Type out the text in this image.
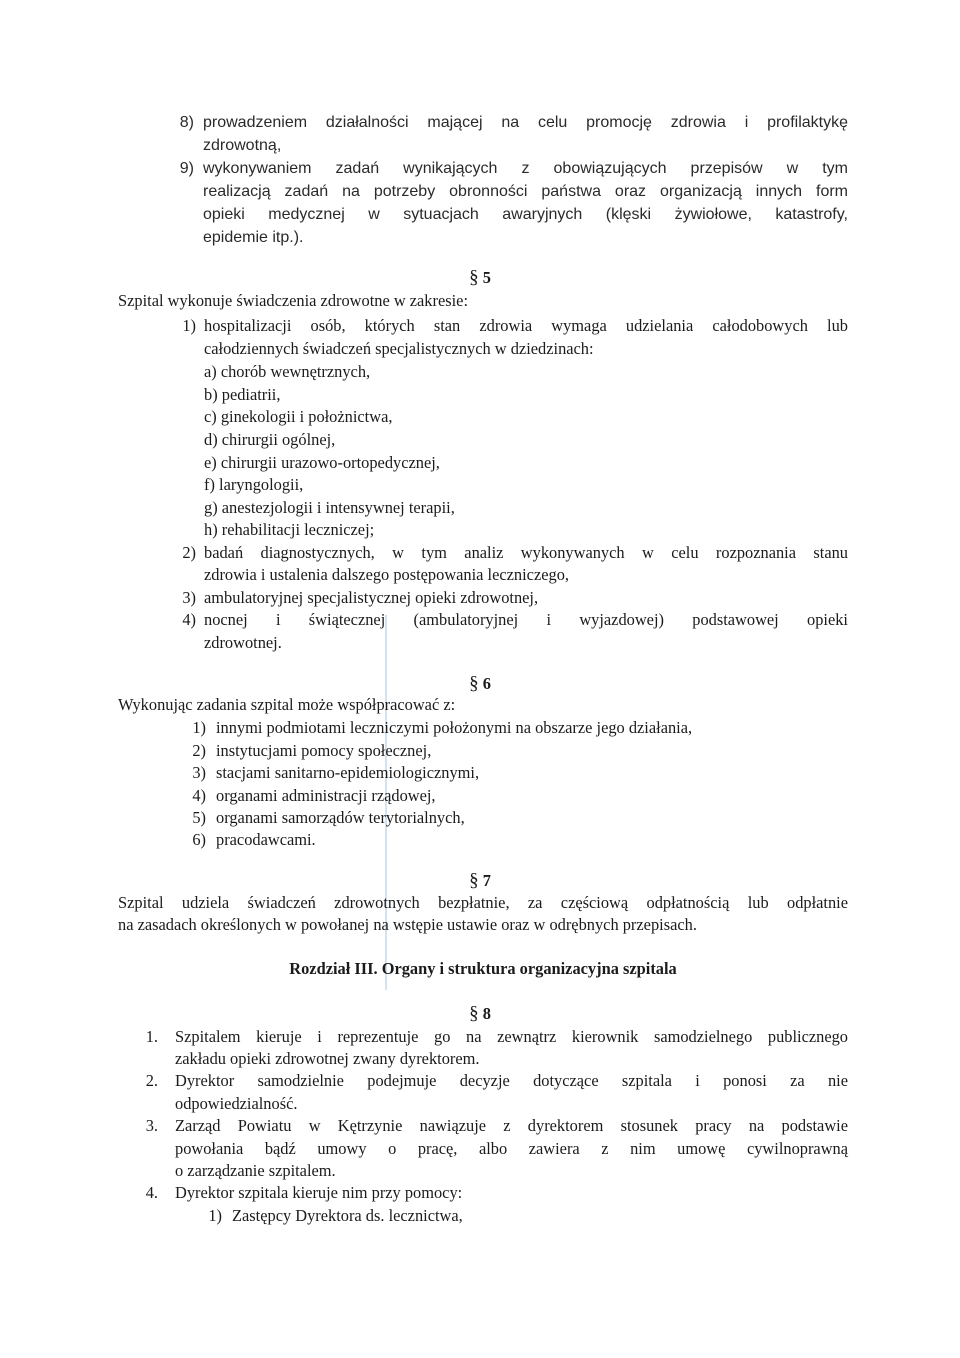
8) prowadzeniem działalności mającej na celu promocję zdrowia i profilaktykę
zdrowotną,
9) wykonywaniem zadań wynikających z obowiązujących przepisów w tym
realizacją zadań na potrzeby obronności państwa oraz organizacją innych form
opieki medycznej w sytuacjach awaryjnych (klęski żywiołowe, katastrofy,
epidemie itp.).
§ 5
Szpital wykonuje świadczenia zdrowotne w zakresie:
1) hospitalizacji osób, których stan zdrowia wymaga udzielania całodobowych lub
całodziennych świadczeń specjalistycznych w dziedzinach:
a) chorób wewnętrznych,
b) pediatrii,
c) ginekologii i położnictwa,
d) chirurgii ogólnej,
e) chirurgii urazowo-ortopedycznej,
f) laryngologii,
g) anestezjologii i intensywnej terapii,
h) rehabilitacji leczniczej;
2) badań diagnostycznych, w tym analiz wykonywanych w celu rozpoznania stanu
zdrowia i ustalenia dalszego postępowania leczniczego,
3) ambulatoryjnej specjalistycznej opieki zdrowotnej,
4) nocnej i świątecznej (ambulatoryjnej i wyjazdowej) podstawowej opieki
zdrowotnej.
§ 6
Wykonując zadania szpital może współpracować z:
1) innymi podmiotami leczniczymi położonymi na obszarze jego działania,
2) instytucjami pomocy społecznej,
3) stacjami sanitarno-epidemiologicznymi,
4) organami administracji rządowej,
5) organami samorządów terytorialnych,
6) pracodawcami.
§ 7
Szpital udziela świadczeń zdrowotnych bezpłatnie, za częściową odpłatnością lub odpłatnie
na zasadach określonych w powołanej na wstępie ustawie oraz w odrębnych przepisach.
Rozdział III. Organy i struktura organizacyjna szpitala
§ 8
1. Szpitalem kieruje i reprezentuje go na zewnątrz kierownik samodzielnego publicznego
zakładu opieki zdrowotnej zwany dyrektorem.
2. Dyrektor samodzielnie podejmuje decyzje dotyczące szpitala i ponosi za nie
odpowiedzialność.
3. Zarząd Powiatu w Kętrzynie nawiązuje z dyrektorem stosunek pracy na podstawie
powołania bądź umowy o pracę, albo zawiera z nim umowę cywilnoprawną
o zarządzanie szpitalem.
4. Dyrektor szpitala kieruje nim przy pomocy:
1) Zastępcy Dyrektora ds. lecznictwa,
